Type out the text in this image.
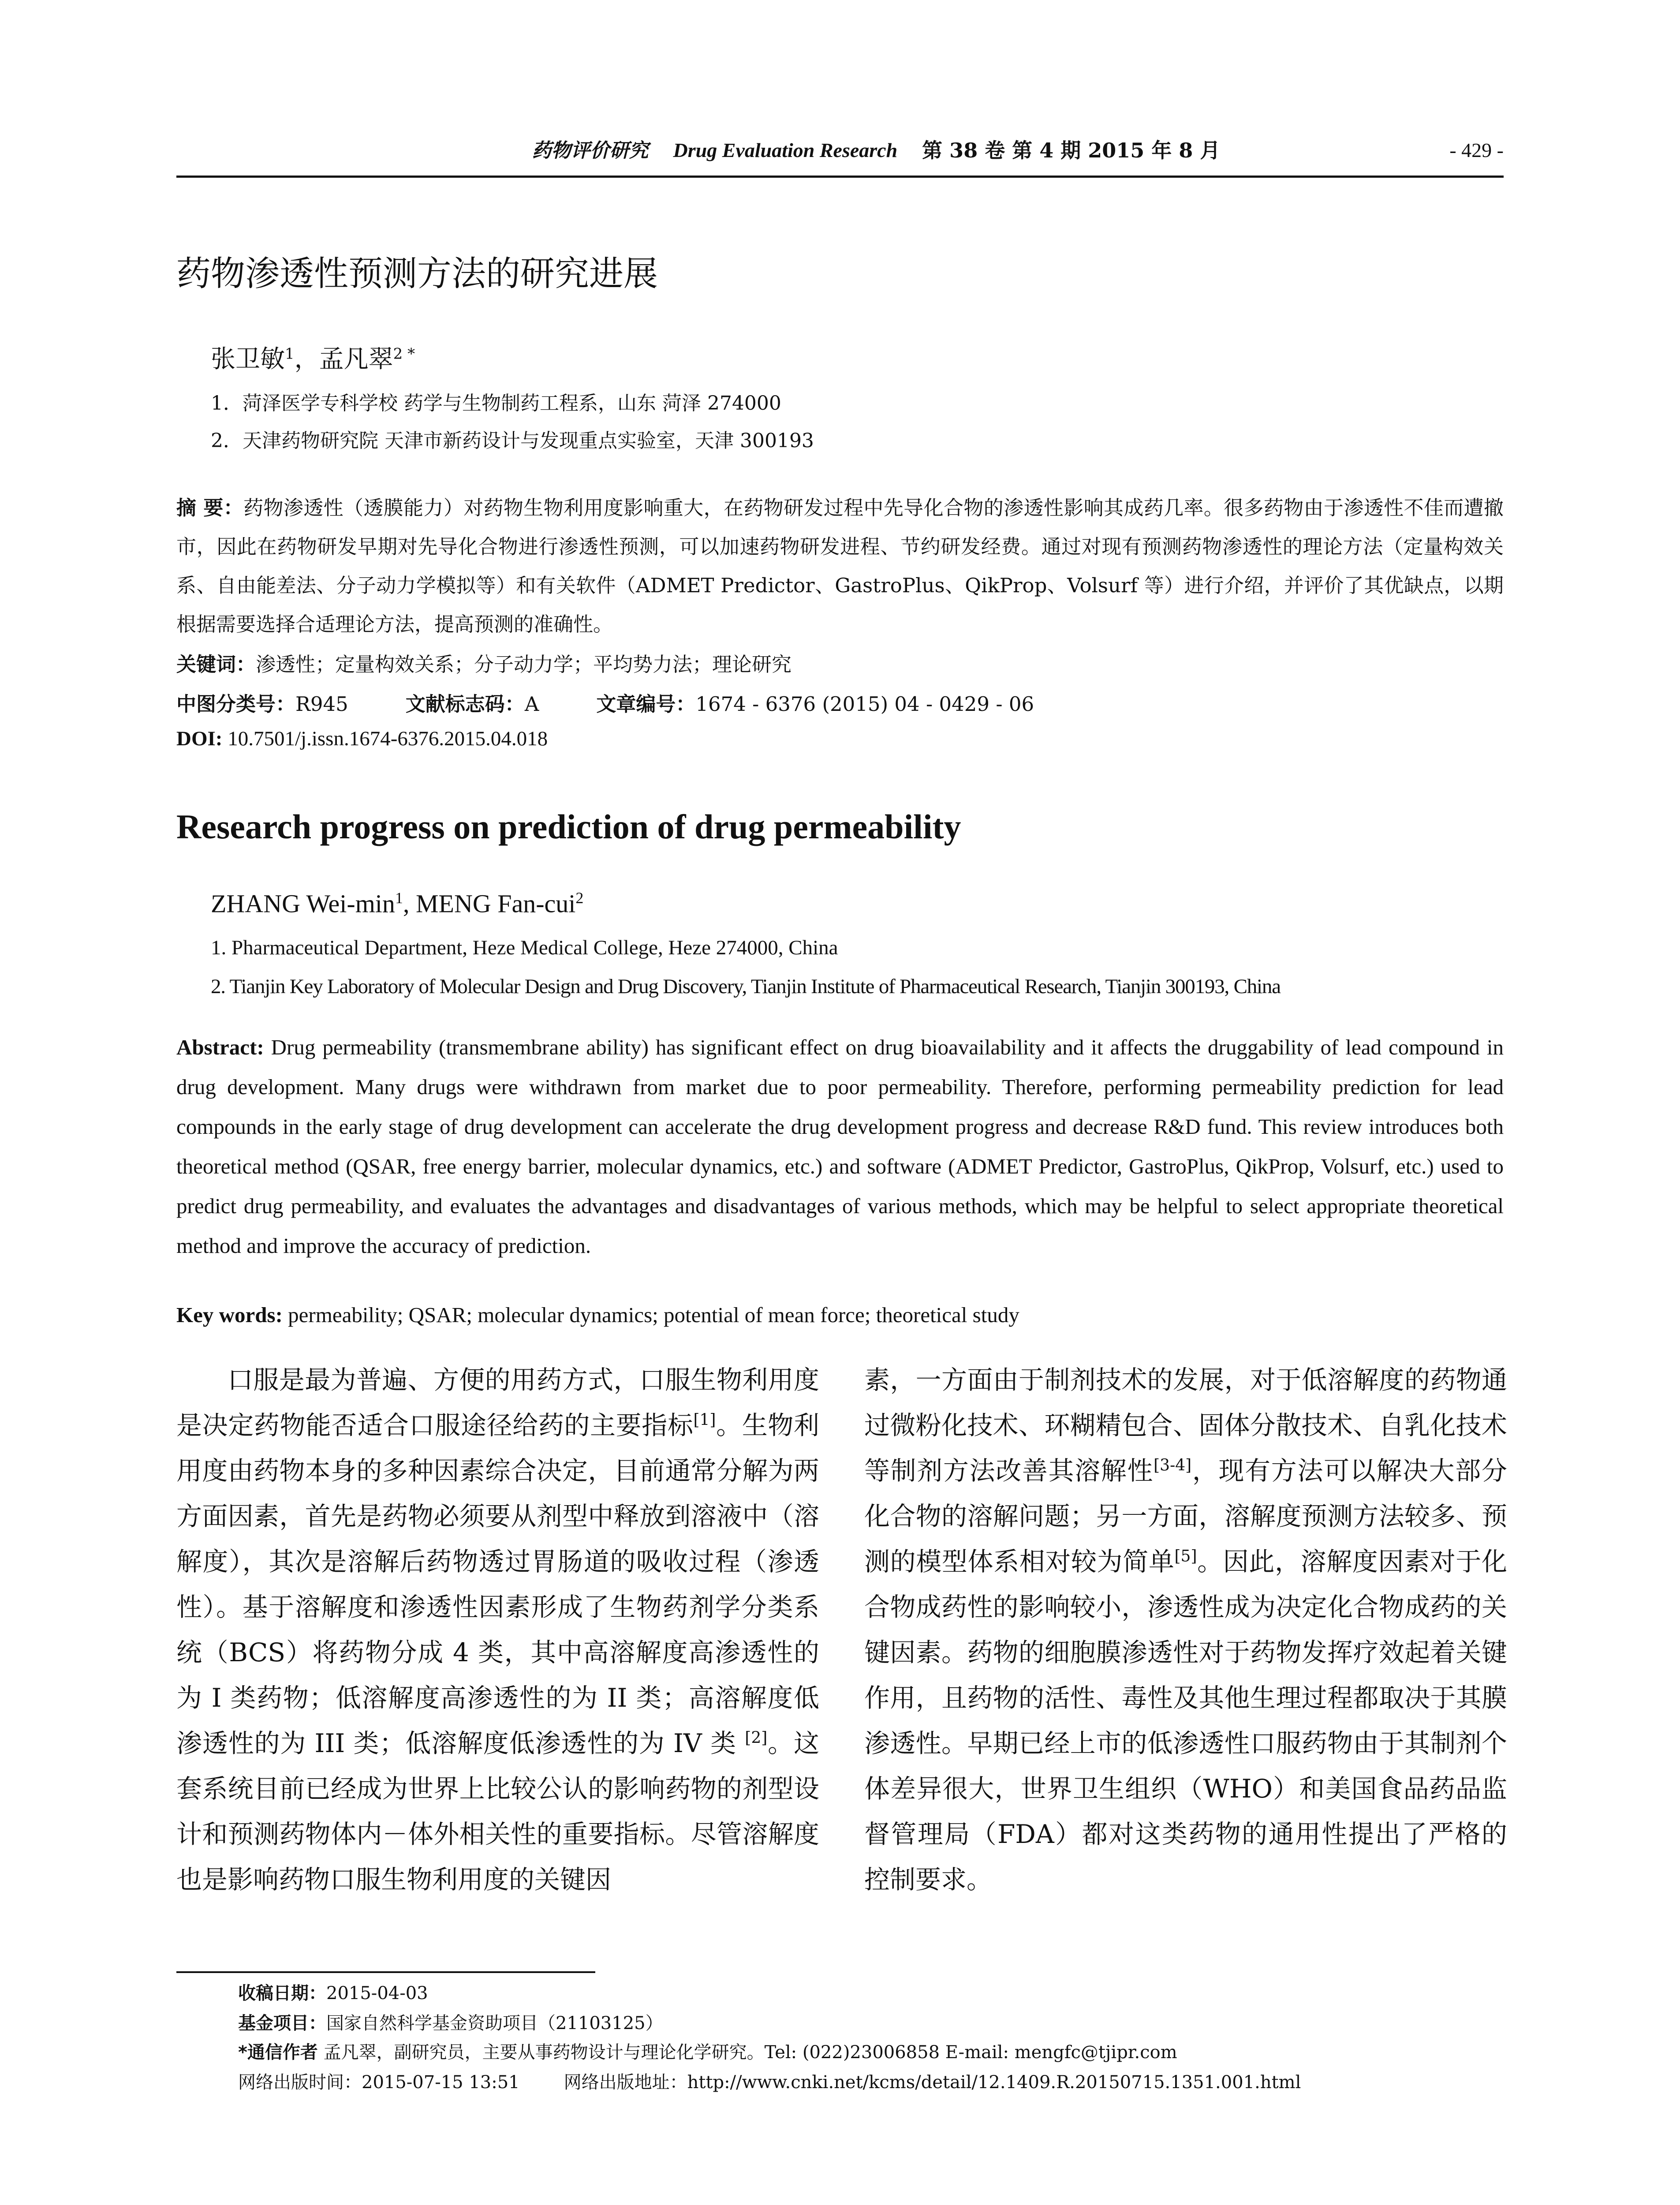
药物评价研究 Drug Evaluation Research 第 38 卷 第 4 期 2015 年 8 月	- 429 -
药物渗透性预测方法的研究进展
张卫敏$^1$，孟凡翠$^{2 *}$
1．菏泽医学专科学校 药学与生物制药工程系，山东 菏泽 274000
2．天津药物研究院 天津市新药设计与发现重点实验室，天津 300193
摘 要：药物渗透性（透膜能力）对药物生物利用度影响重大，在药物研发过程中先导化合物的渗透性影响其成药几率。很多药物由于渗透性不佳而遭撤市，因此在药物研发早期对先导化合物进行渗透性预测，可以加速药物研发进程、节约研发经费。通过对现有预测药物渗透性的理论方法（定量构效关系、自由能差法、分子动力学模拟等）和有关软件（ADMET Predictor、GastroPlus、QikProp、Volsurf 等）进行介绍，并评价了其优缺点，以期根据需要选择合适理论方法，提高预测的准确性。
关键词：渗透性；定量构效关系；分子动力学；平均势力法；理论研究
中图分类号：R945	文献标志码：A	文章编号：1674 - 6376 (2015) 04 - 0429 - 06
DOI: 10.7501/j.issn.1674-6376.2015.04.018
Research progress on prediction of drug permeability
ZHANG Wei-$\min^1$, MENG Fan-cui$^2$
1. Pharmaceutical Department, Heze Medical College, Heze 274000, China
2. Tianjin Key Laboratory of Molecular Design and Drug Discovery, Tianjin Institute of Pharmaceutical Research, Tianjin 300193, China
Abstract: Drug permeability (transmembrane ability) has significant effect on drug bioavailability and it affects the druggability of lead compound in drug development. Many drugs were withdrawn from market due to poor permeability. Therefore, performing permeability prediction for lead compounds in the early stage of drug development can accelerate the drug development progress and decrease R&D fund. This review introduces both theoretical method (QSAR, free energy barrier, molecular dynamics, etc.) and software (ADMET Predictor, GastroPlus, QikProp, Volsurf, etc.) used to predict drug permeability, and evaluates the advantages and disadvantages of various methods, which may be helpful to select appropriate theoretical method and improve the accuracy of prediction.
Key words: permeability; QSAR; molecular dynamics; potential of mean force; theoretical study

口服是最为普遍、方便的用药方式，口服生物利用度是决定药物能否适合口服途径给药的主要指标[1]。生物利用度由药物本身的多种因素综合决定，目前通常分解为两方面因素，首先是药物必须要从剂型中释放到溶液中（溶解度），其次是溶解后药物透过胃肠道的吸收过程（渗透性）。基于溶解度和渗透性因素形成了生物药剂学分类系统（BCS）将药物分成 4 类，其中高溶解度高渗透性的为 I 类药物；低溶解度高渗透性的为 II 类；高溶解度低渗透性的为 III 类；低溶解度低渗透性的为 IV 类 [2]。这套系统目前已经成为世界上比较公认的影响药物的剂型设计和预测药物体内－体外相关性的重要指标。尽管溶解度也是影响药物口服生物利用度的关键因

素，一方面由于制剂技术的发展，对于低溶解度的药物通过微粉化技术、环糊精包合、固体分散技术、自乳化技术等制剂方法改善其溶解性[3-4]，现有方法可以解决大部分化合物的溶解问题；另一方面，溶解度预测方法较多、预测的模型体系相对较为简单[5]。因此，溶解度因素对于化合物成药性的影响较小，渗透性成为决定化合物成药的关键因素。药物的细胞膜渗透性对于药物发挥疗效起着关键作用，且药物的活性、毒性及其他生理过程都取决于其膜渗透性。早期已经上市的低渗透性口服药物由于其制剂个体差异很大，世界卫生组织（WHO）和美国食品药品监督管理局（FDA）都对这类药物的通用性提出了严格的控制要求。

收稿日期：2015-04-03
基金项目：国家自然科学基金资助项目（21103125）
*通信作者 孟凡翠，副研究员，主要从事药物设计与理论化学研究。Tel: (022)23006858 E-mail: mengfc@tjipr.com
网络出版时间：2015-07-15 13:51	网络出版地址：http://www.cnki.net/kcms/detail/12.1409.R.20150715.1351.001.html
